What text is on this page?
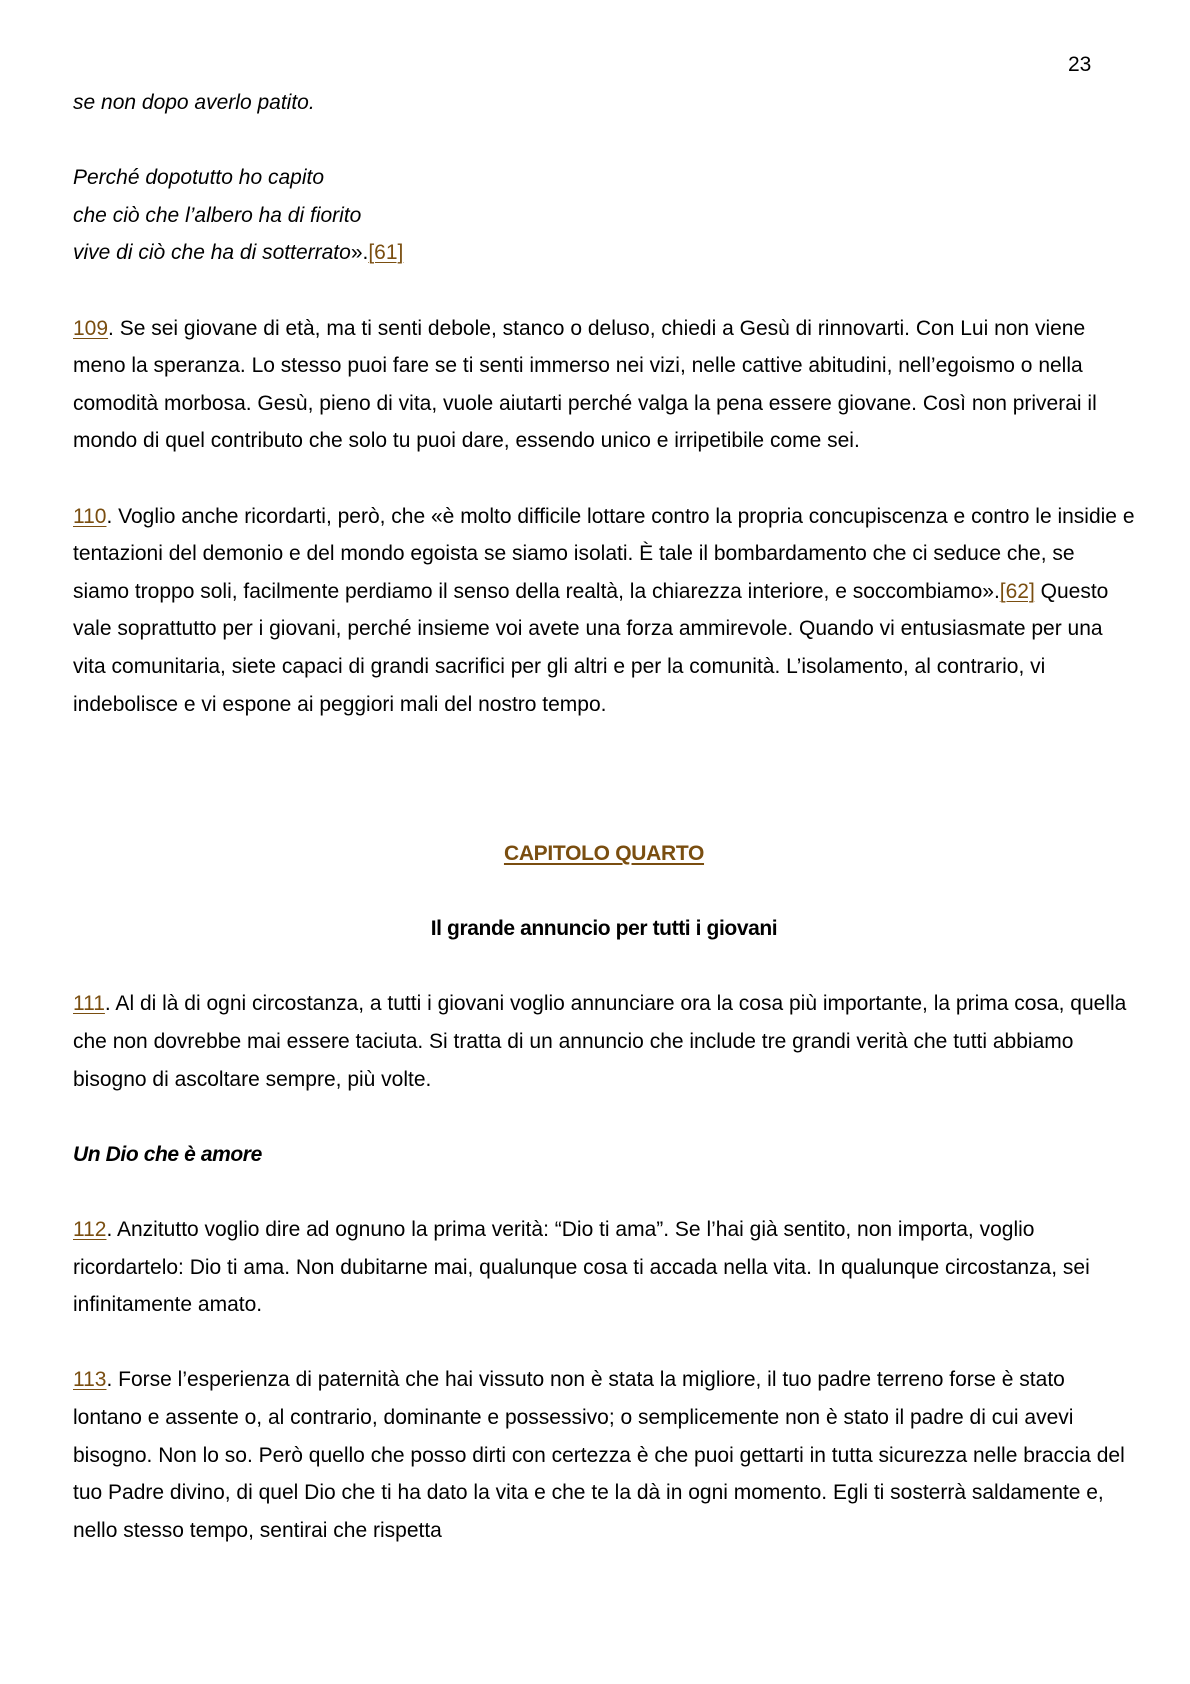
23

se non dopo averlo patito.

Perché dopotutto ho capito

che ciò che l’albero ha di fiorito

vive di ciò che ha di sotterrato».[61]

109. Se sei giovane di età, ma ti senti debole, stanco o deluso, chiedi a Gesù di rinnovarti. Con Lui non viene meno la speranza. Lo stesso puoi fare se ti senti immerso nei vizi, nelle cattive abitudini, nell’egoismo o nella comodità morbosa. Gesù, pieno di vita, vuole aiutarti perché valga la pena essere giovane. Così non priverai il mondo di quel contributo che solo tu puoi dare, essendo unico e irripetibile come sei.

110. Voglio anche ricordarti, però, che «è molto difficile lottare contro la propria concupiscenza e contro le insidie e tentazioni del demonio e del mondo egoista se siamo isolati. È tale il bombardamento che ci seduce che, se siamo troppo soli, facilmente perdiamo il senso della realtà, la chiarezza interiore, e soccombiamo».[62] Questo vale soprattutto per i giovani, perché insieme voi avete una forza ammirevole. Quando vi entusiasmate per una vita comunitaria, siete capaci di grandi sacrifici per gli altri e per la comunità. L’isolamento, al contrario, vi indebolisce e vi espone ai peggiori mali del nostro tempo.

CAPITOLO QUARTO

Il grande annuncio per tutti i giovani

111. Al di là di ogni circostanza, a tutti i giovani voglio annunciare ora la cosa più importante, la prima cosa, quella che non dovrebbe mai essere taciuta. Si tratta di un annuncio che include tre grandi verità che tutti abbiamo bisogno di ascoltare sempre, più volte.

Un Dio che è amore

112. Anzitutto voglio dire ad ognuno la prima verità: “Dio ti ama”. Se l’hai già sentito, non importa, voglio ricordartelo: Dio ti ama. Non dubitarne mai, qualunque cosa ti accada nella vita. In qualunque circostanza, sei infinitamente amato.

113. Forse l’esperienza di paternità che hai vissuto non è stata la migliore, il tuo padre terreno forse è stato lontano e assente o, al contrario, dominante e possessivo; o semplicemente non è stato il padre di cui avevi bisogno. Non lo so. Però quello che posso dirti con certezza è che puoi gettarti in tutta sicurezza nelle braccia del tuo Padre divino, di quel Dio che ti ha dato la vita e che te la dà in ogni momento. Egli ti sosterrà saldamente e, nello stesso tempo, sentirai che rispetta
